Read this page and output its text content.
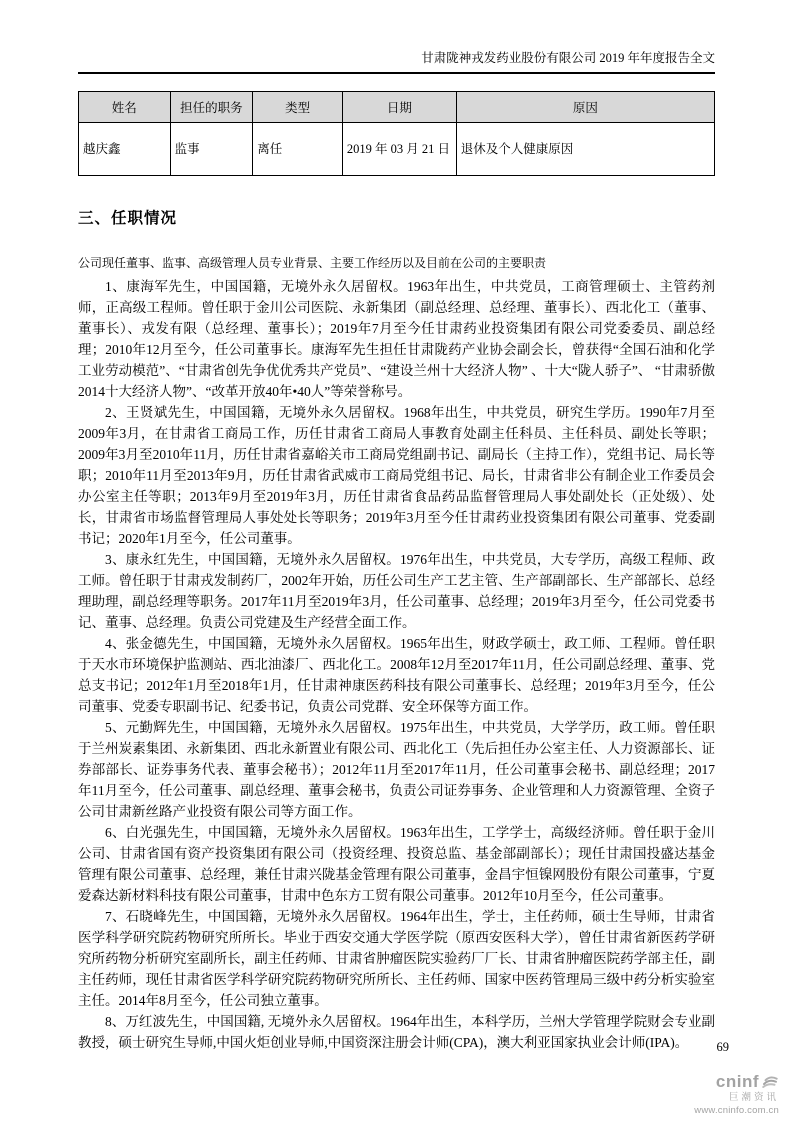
甘肃陇神戎发药业股份有限公司 2019 年年度报告全文
姓名	担任的职务	类型	日期	原因
越庆鑫	监事	离任	2019 年 03 月 21 日	退休及个人健康原因
三、任职情况
公司现任董事、监事、高级管理人员专业背景、主要工作经历以及目前在公司的主要职责

1、康海军先生，中国国籍，无境外永久居留权。1963年出生，中共党员，工商管理硕士、主管药剂师，正高级工程师。曾任职于金川公司医院、永新集团（副总经理、总经理、董事长）、西北化工（董事、董事长）、戎发有限（总经理、董事长）；2019年7月至今任甘肃药业投资集团有限公司党委委员、副总经理；2010年12月至今，任公司董事长。康海军先生担任甘肃陇药产业协会副会长，曾获得“全国石油和化学工业劳动模范”、“甘肃省创先争优优秀共产党员”、“建设兰州十大经济人物” 、十大“陇人骄子”、 “甘肃骄傲2014十大经济人物”、“改革开放40年•40人”等荣誉称号。

2、王贤斌先生，中国国籍，无境外永久居留权。1968年出生，中共党员，研究生学历。1990年7月至2009年3月，在甘肃省工商局工作，历任甘肃省工商局人事教育处副主任科员、主任科员、副处长等职；2009年3月至2010年11月，历任甘肃省嘉峪关市工商局党组副书记、副局长（主持工作），党组书记、局长等职；2010年11月至2013年9月，历任甘肃省武威市工商局党组书记、局长，甘肃省非公有制企业工作委员会办公室主任等职；2013年9月至2019年3月，历任甘肃省食品药品监督管理局人事处副处长（正处级）、处长，甘肃省市场监督管理局人事处处长等职务；2019年3月至今任甘肃药业投资集团有限公司董事、党委副书记；2020年1月至今，任公司董事。

3、康永红先生，中国国籍，无境外永久居留权。1976年出生，中共党员，大专学历，高级工程师、政工师。曾任职于甘肃戎发制药厂，2002年开始，历任公司生产工艺主管、生产部副部长、生产部部长、总经理助理，副总经理等职务。2017年11月至2019年3月，任公司董事、总经理；2019年3月至今，任公司党委书记、董事、总经理。负责公司党建及生产经营全面工作。

4、张金德先生，中国国籍，无境外永久居留权。1965年出生，财政学硕士，政工师、工程师。曾任职于天水市环境保护监测站、西北油漆厂、西北化工。2008年12月至2017年11月，任公司副总经理、董事、党总支书记；2012年1月至2018年1月，任甘肃神康医药科技有限公司董事长、总经理；2019年3月至今，任公司董事、党委专职副书记、纪委书记，负责公司党群、安全环保等方面工作。

5、元勤辉先生，中国国籍，无境外永久居留权。1975年出生，中共党员，大学学历，政工师。曾任职于兰州炭素集团、永新集团、西北永新置业有限公司、西北化工（先后担任办公室主任、人力资源部长、证券部部长、证券事务代表、董事会秘书）；2012年11月至2017年11月，任公司董事会秘书、副总经理；2017年11月至今，任公司董事、副总经理、董事会秘书，负责公司证券事务、企业管理和人力资源管理、全资子公司甘肃新丝路产业投资有限公司等方面工作。

6、白光强先生，中国国籍，无境外永久居留权。1963年出生，工学学士，高级经济师。曾任职于金川公司、甘肃省国有资产投资集团有限公司（投资经理、投资总监、基金部副部长）；现任甘肃国投盛达基金管理有限公司董事、总经理，兼任甘肃兴陇基金管理有限公司董事，金昌宇恒镍网股份有限公司董事，宁夏爱森达新材料科技有限公司董事，甘肃中色东方工贸有限公司董事。2012年10月至今，任公司董事。

7、石晓峰先生，中国国籍，无境外永久居留权。1964年出生，学士，主任药师，硕士生导师，甘肃省医学科学研究院药物研究所所长。毕业于西安交通大学医学院（原西安医科大学），曾任甘肃省新医药学研究所药物分析研究室副所长，副主任药师、甘肃省肿瘤医院实验药厂厂长、甘肃省肿瘤医院药学部主任，副主任药师，现任甘肃省医学科学研究院药物研究所所长、主任药师、国家中医药管理局三级中药分析实验室主任。2014年8月至今，任公司独立董事。

8、万红波先生，中国国籍, 无境外永久居留权。1964年出生，本科学历，兰州大学管理学院财会专业副教授，硕士研究生导师,中国火炬创业导师,中国资深注册会计师(CPA)，澳大利亚国家执业会计师(IPA)。	69
cninf
巨潮资讯
www.cninfo.com.cn
